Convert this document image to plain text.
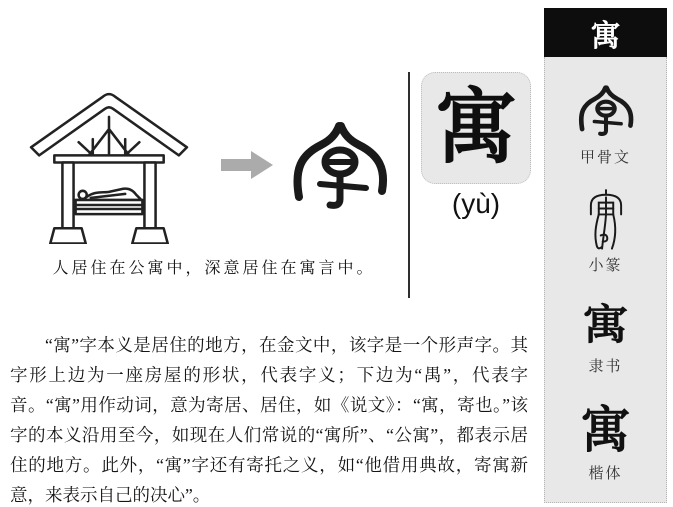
人居住在公寓中，深意居住在寓言中。
寓
(yù)
“寓”字本义是居住的地方，在金文中，该字是一个形声字。其字形上边为一座房屋的形状，代表字义；下边为“禺”，代表字音。“寓”用作动词，意为寄居、居住，如《说文》：“寓，寄也。”该字的本义沿用至今，如现在人们常说的“寓所”、“公寓”，都表示居住的地方。此外，“寓”字还有寄托之义，如“他借用典故，寄寓新意，来表示自己的决心”。
寓
甲骨文
小篆
寓
隶书
寓
楷体
